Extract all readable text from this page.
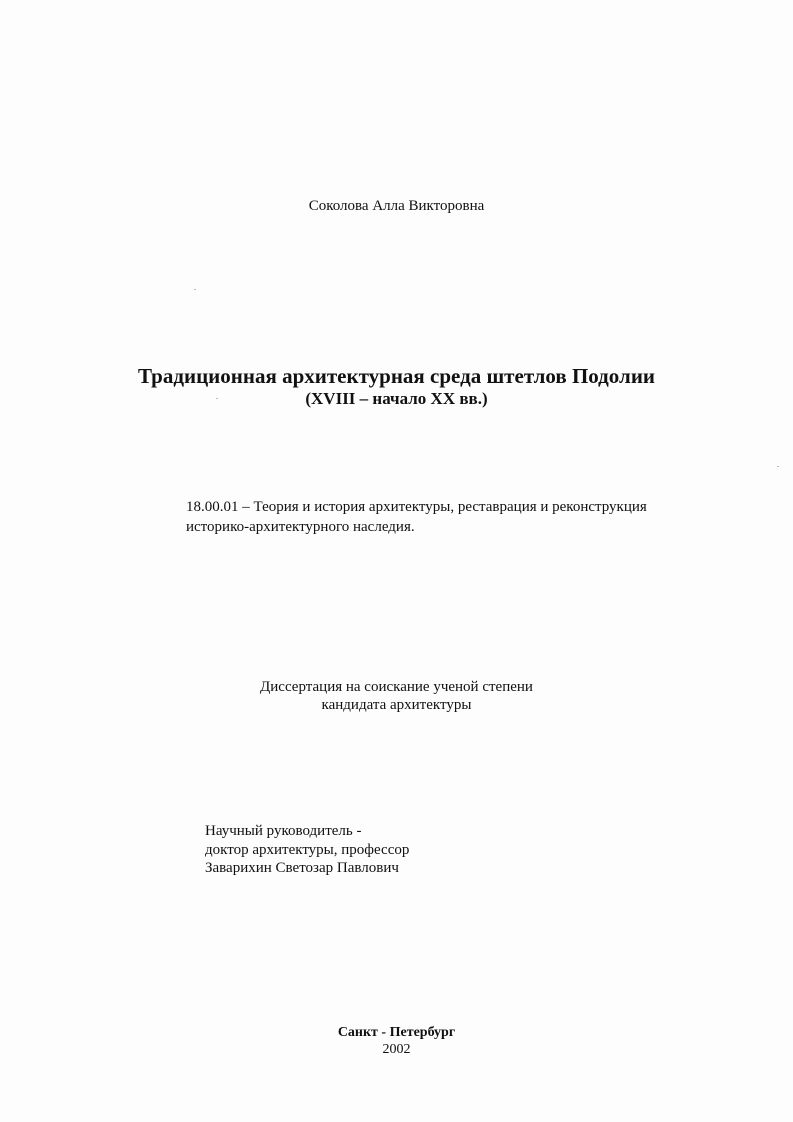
Соколова Алла Викторовна
Традиционная архитектурная среда штетлов Подолии
(XVIII – начало XX вв.)
18.00.01 – Теория и история архитектуры, реставрация и реконструкция
историко-архитектурного наследия.
Диссертация на соискание ученой степени
кандидата архитектуры
Научный руководитель -
доктор архитектуры, профессор
Заварихин Светозар Павлович
Санкт - Петербург
2002
